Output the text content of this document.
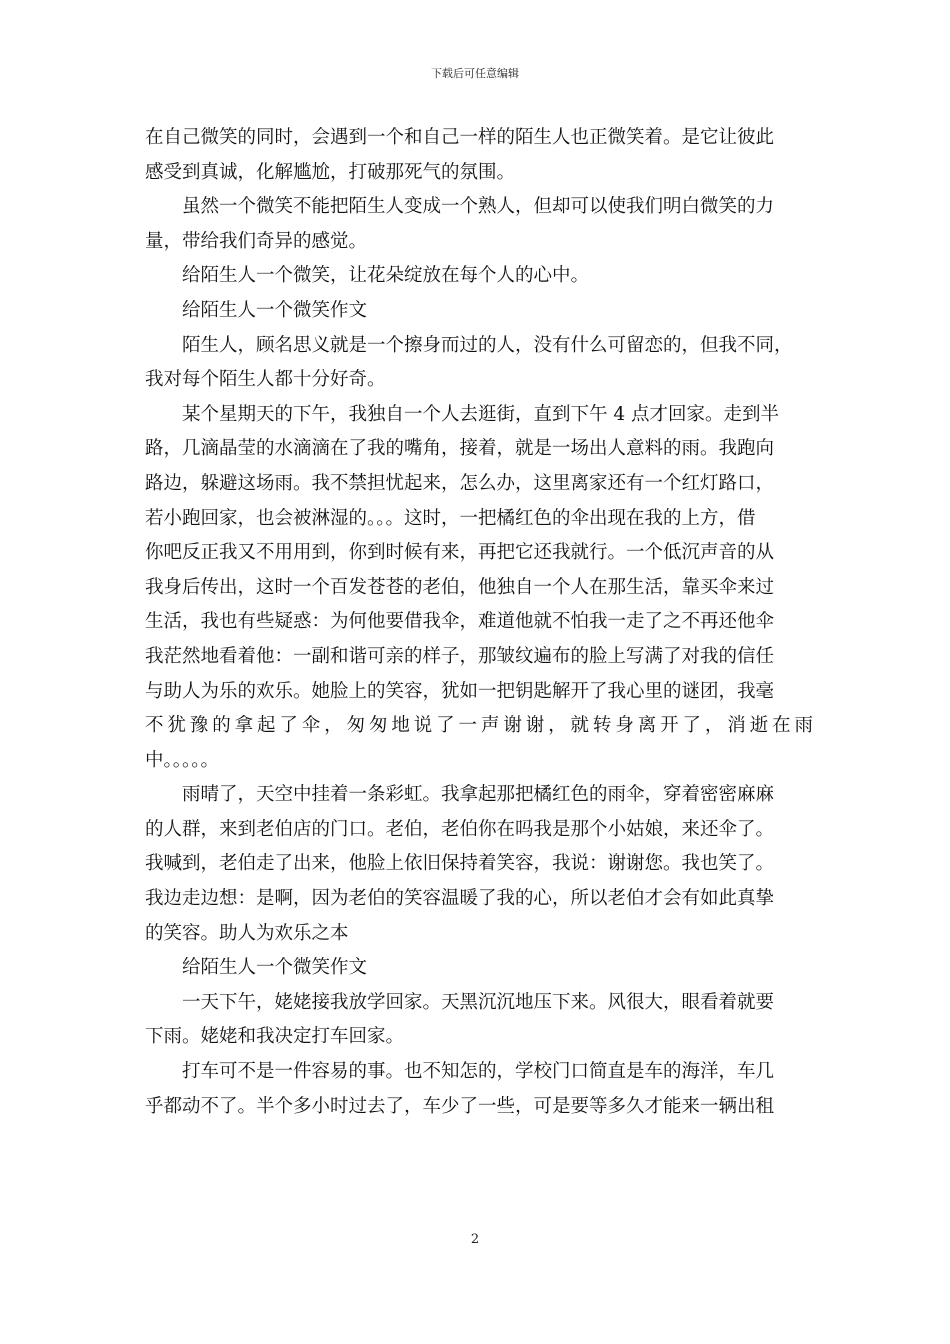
下载后可任意编辑
在自己微笑的同时，会遇到一个和自己一样的陌生人也正微笑着。是它让彼此
感受到真诚，化解尴尬，打破那死气的氛围。
虽然一个微笑不能把陌生人变成一个熟人，但却可以使我们明白微笑的力
量，带给我们奇异的感觉。
给陌生人一个微笑，让花朵绽放在每个人的心中。
给陌生人一个微笑作文
陌生人，顾名思义就是一个擦身而过的人，没有什么可留恋的，但我不同，
我对每个陌生人都十分好奇。
某个星期天的下午，我独自一个人去逛街，直到下午 4 点才回家。走到半
路，几滴晶莹的水滴滴在了我的嘴角，接着，就是一场出人意料的雨。我跑向
路边，躲避这场雨。我不禁担忧起来，怎么办，这里离家还有一个红灯路口，
若小跑回家，也会被淋湿的。。。这时，一把橘红色的伞出现在我的上方，借
你吧反正我又不用用到，你到时候有来，再把它还我就行。一个低沉声音的从
我身后传出，这时一个百发苍苍的老伯，他独自一个人在那生活，靠买伞来过
生活，我也有些疑惑：为何他要借我伞，难道他就不怕我一走了之不再还他伞
我茫然地看着他：一副和谐可亲的样子，那皱纹遍布的脸上写满了对我的信任
与助人为乐的欢乐。她脸上的笑容，犹如一把钥匙解开了我心里的谜团，我毫
不犹豫的拿起了伞，匆匆地说了一声谢谢，就转身离开了，消逝在雨
中。。。。。
雨晴了，天空中挂着一条彩虹。我拿起那把橘红色的雨伞，穿着密密麻麻
的人群，来到老伯店的门口。老伯，老伯你在吗我是那个小姑娘，来还伞了。
我喊到，老伯走了出来，他脸上依旧保持着笑容，我说：谢谢您。我也笑了。
我边走边想：是啊，因为老伯的笑容温暖了我的心，所以老伯才会有如此真挚
的笑容。助人为欢乐之本
给陌生人一个微笑作文
一天下午，姥姥接我放学回家。天黑沉沉地压下来。风很大，眼看着就要
下雨。姥姥和我决定打车回家。
打车可不是一件容易的事。也不知怎的，学校门口简直是车的海洋，车几
乎都动不了。半个多小时过去了，车少了一些，可是要等多久才能来一辆出租
2
